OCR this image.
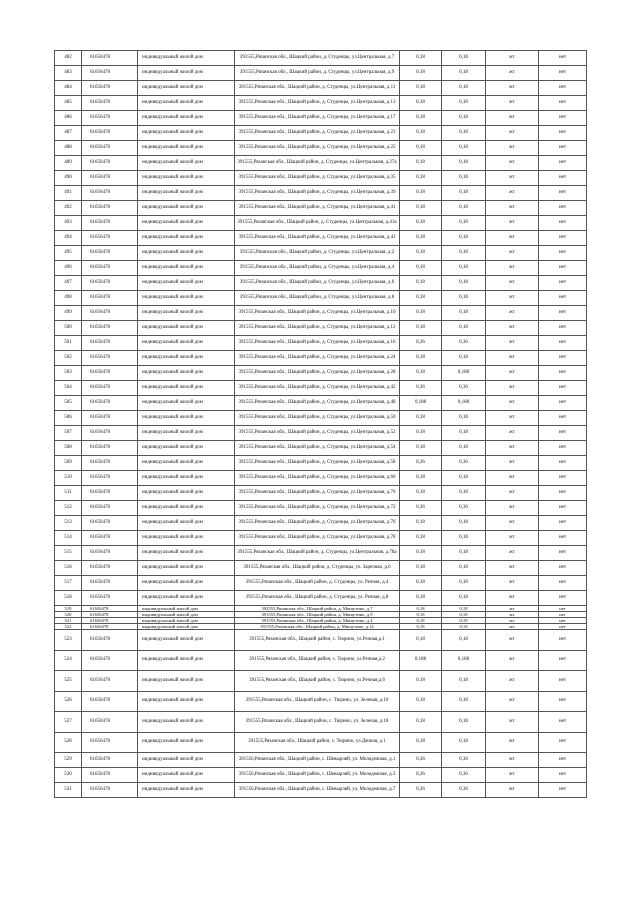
482	61656478	индивидуальный жилой дом	391555,Рязанская обл., Шацкий район, д. Студенцы, ул.Центральная, д.7	0,18	0,18	жт	нет
483	61656478	индивидуальный жилой дом	391555,Рязанская обл., Шацкий район, д. Студенцы, ул.Центральная, д.9	0,18	0,18	жт	нет
484	61656478	индивидуальный жилой дом	391555,Рязанская обл., Шацкий район, д. Студенцы, ул.Центральная, д.11	0,18	0,18	жт	нет
485	61656478	индивидуальный жилой дом	391555,Рязанская обл., Шацкий район, д. Студенцы, ул.Центральная, д.13	0,18	0,18	жт	нет
486	61656478	индивидуальный жилой дом	391555,Рязанская обл., Шацкий район, д. Студенцы, ул.Центральная, д.17	0,18	0,18	жт	нет
487	61656478	индивидуальный жилой дом	391555,Рязанская обл., Шацкий район, д. Студенцы, ул.Центральная, д.23	0,18	0,18	жт	нет
488	61656478	индивидуальный жилой дом	391555,Рязанская обл., Шацкий район, д. Студенцы, ул.Центральная, д.25	0,18	0,18	жт	нет
489	61656478	индивидуальный жилой дом	391555,Рязанская обл., Шацкий район, д. Студенцы, ул.Центральная, д.27а	0,18	0,18	жт	нет
490	61656478	индивидуальный жилой дом	391555,Рязанская обл., Шацкий район, д. Студенцы, ул.Центральная, д.35	0,18	0,18	жт	нет
491	61656478	индивидуальный жилой дом	391555,Рязанская обл., Шацкий район, д. Студенцы, ул.Центральная, д.39	0,18	0,18	жт	нет
492	61656478	индивидуальный жилой дом	391555,Рязанская обл., Шацкий район, д. Студенцы, ул.Центральная, д.41	0,18	0,18	жт	нет
493	61656478	индивидуальный жилой дом	391555,Рязанская обл., Шацкий район, д. Студенцы, ул.Центральная, д.41а	0,18	0,18	жт	нет
494	61656478	индивидуальный жилой дом	391555,Рязанская обл., Шацкий район, д. Студенцы, ул.Центральная, д.43	0,18	0,18	жт	нет
495	61656478	индивидуальный жилой дом	391555,Рязанская обл., Шацкий район, д. Студенцы, ул.Центральная, д.2	0,18	0,18	жт	нет
496	61656478	индивидуальный жилой дом	391555,Рязанская обл., Шацкий район, д. Студенцы, ул.Центральная, д.4	0,18	0,18	жт	нет
497	61656478	индивидуальный жилой дом	391555,Рязанская обл., Шацкий район, д. Студенцы, ул.Центральная, д.6	0,18	0,18	жт	нет
498	61656478	индивидуальный жилой дом	391555,Рязанская обл., Шацкий район, д. Студенцы, ул.Центральная, д.8	0,18	0,18	жт	нет
499	61656478	индивидуальный жилой дом	391555,Рязанская обл., Шацкий район, д. Студенцы, ул.Центральная, д.10	0,18	0,18	жт	нет
500	61656478	индивидуальный жилой дом	391555,Рязанская обл., Шацкий район, д. Студенцы, ул.Центральная, д.12	0,18	0,18	жт	нет
501	61656478	индивидуальный жилой дом	391555,Рязанская обл., Шацкий район, д. Студенцы, ул.Центральная, д.16	0,36	0,36	жт	нет
502	61656478	индивидуальный жилой дом	391555,Рязанская обл., Шацкий район, д. Студенцы, ул.Центральная, д.24	0,18	0,18	жт	нет
503	61656478	индивидуальный жилой дом	391555,Рязанская обл., Шацкий район, д. Студенцы, ул.Центральная, д.28	0,18	0,188	жт	нет
504	61656478	индивидуальный жилой дом	391555,Рязанская обл., Шацкий район, д. Студенцы, ул.Центральная, д.42	0,36	0,36	жт	нет
505	61656478	индивидуальный жилой дом	391555,Рязанская обл., Шацкий район, д. Студенцы, ул.Центральная, д.48	0,188	0,188	жт	нет
506	61656478	индивидуальный жилой дом	391555,Рязанская обл., Шацкий район, д. Студенцы, ул.Центральная, д.50	0,18	0,18	жт	нет
507	61656478	индивидуальный жилой дом	391555,Рязанская обл., Шацкий район, д. Студенцы, ул.Центральная, д.52	0,18	0,18	жт	нет
508	61656478	индивидуальный жилой дом	391555,Рязанская обл., Шацкий район, д. Студенцы, ул.Центральная, д.54	0,18	0,18	жт	нет
509	61656478	индивидуальный жилой дом	391555,Рязанская обл., Шацкий район, д. Студенцы, ул.Центральная, д.58	0,36	0,36	жт	нет
510	61656478	индивидуальный жилой дом	391555,Рязанская обл., Шацкий район, д. Студенцы, ул.Центральная, д.60	0,18	0,18	жт	нет
511	61656478	индивидуальный жилой дом	391555,Рязанская обл., Шацкий район, д. Студенцы, ул.Центральная, д.70	0,18	0,18	жт	нет
512	61656478	индивидуальный жилой дом	391555,Рязанская обл., Шацкий район, д. Студенцы, ул.Центральная, д.72	0,36	0,36	жт	нет
513	61656478	индивидуальный жилой дом	391555,Рязанская обл., Шацкий район, д. Студенцы, ул.Центральная, д.76	0,18	0,18	жт	нет
514	61656478	индивидуальный жилой дом	391555,Рязанская обл., Шацкий район, д. Студенцы, ул.Центральная, д.78	0,18	0,18	жт	нет
515	61656478	индивидуальный жилой дом	391555,Рязанская обл., Шацкий район, д. Студенцы, ул.Центральная, д.78а	0,18	0,18	жт	нет
516	61656478	индивидуальный жилой дом	391555,Рязанская обл., Шацкий район, д. Студенцы, ул. Заречная, д.6	0,18	0,18	жт	нет
517	61656478	индивидуальный жилой дом	391555,Рязанская обл., Шацкий район, д. Студенцы, ул. Речная, д.4	0,18	0,18	жт	нет
518	61656478	индивидуальный жилой дом	391555,Рязанская обл., Шацкий район, д. Студенцы, ул. Речная, д.8	0,18	0,18	жт	нет
519	61656478	индивидуальный жилой дом	392555,Рязанская обл., Шацкий район, д. Мишутино, д.7	0,18	0,18	жт	нет
520	61656478	индивидуальный жилой дом	391555,Рязанская обл., Шацкий район, д. Мишутино, д.9	0,18	0,18	жт	нет
521	61656478	индивидуальный жилой дом	391555,Рязанская обл., Шацкий район, д. Мишутино, д.4	0,18	0,18	жт	нет
522	61656478	индивидуальный жилой дом	391555,Рязанская обл., Шацкий район, д. Мишутино, д.14	0,18	0,18	жт	нет
523	61656478	индивидуальный жилой дом	391555,Рязанская обл., Шацкий район, с. Тюрино, ул.Речная,д.1	0,18	0,18	жт	нет
524	61656478	индивидуальный жилой дом	391555,Рязанская обл., Шацкий район, с. Тюрино, ул.Речная,д.2	0,188	0,188	жт	нет
525	61656478	индивидуальный жилой дом	391555,Рязанская обл., Шацкий район, с. Тюрино, ул.Речная,д.6	0,18	0,18	жт	нет
526	61656478	индивидуальный жилой дом	391555,Рязанская обл., Шацкий район, с. Тюрино, ул. Зеленая, д.10	0,18	0,18	жт	нет
527	61656478	индивидуальный жилой дом	391555,Рязанская обл., Шацкий район, с. Тюрино, ул. Зеленая, д.18	0,18	0,18	жт	нет
528	61656478	индивидуальный жилой дом	391555,Рязанская обл., Шацкий район, с. Тюрино, ул.Дачная, д.1	0,18	0,18	жт	нет
529	61656478	индивидуальный жилой дом	391556,Рязанская обл., Шацкий район, с. Шевырляй, ул. Молодежная, д.1	0,36	0,36	жт	нет
530	61656478	индивидуальный жилой дом	391556,Рязанская обл., Шацкий район, с. Шевырляй, ул. Молодежная, д.3	0,36	0,36	жт	нет
531	61656478	индивидуальный жилой дом	391556,Рязанская обл., Шацкий район, с. Шевырляй, ул. Молодежная, д.7	0,36	0,36	жт	нет
